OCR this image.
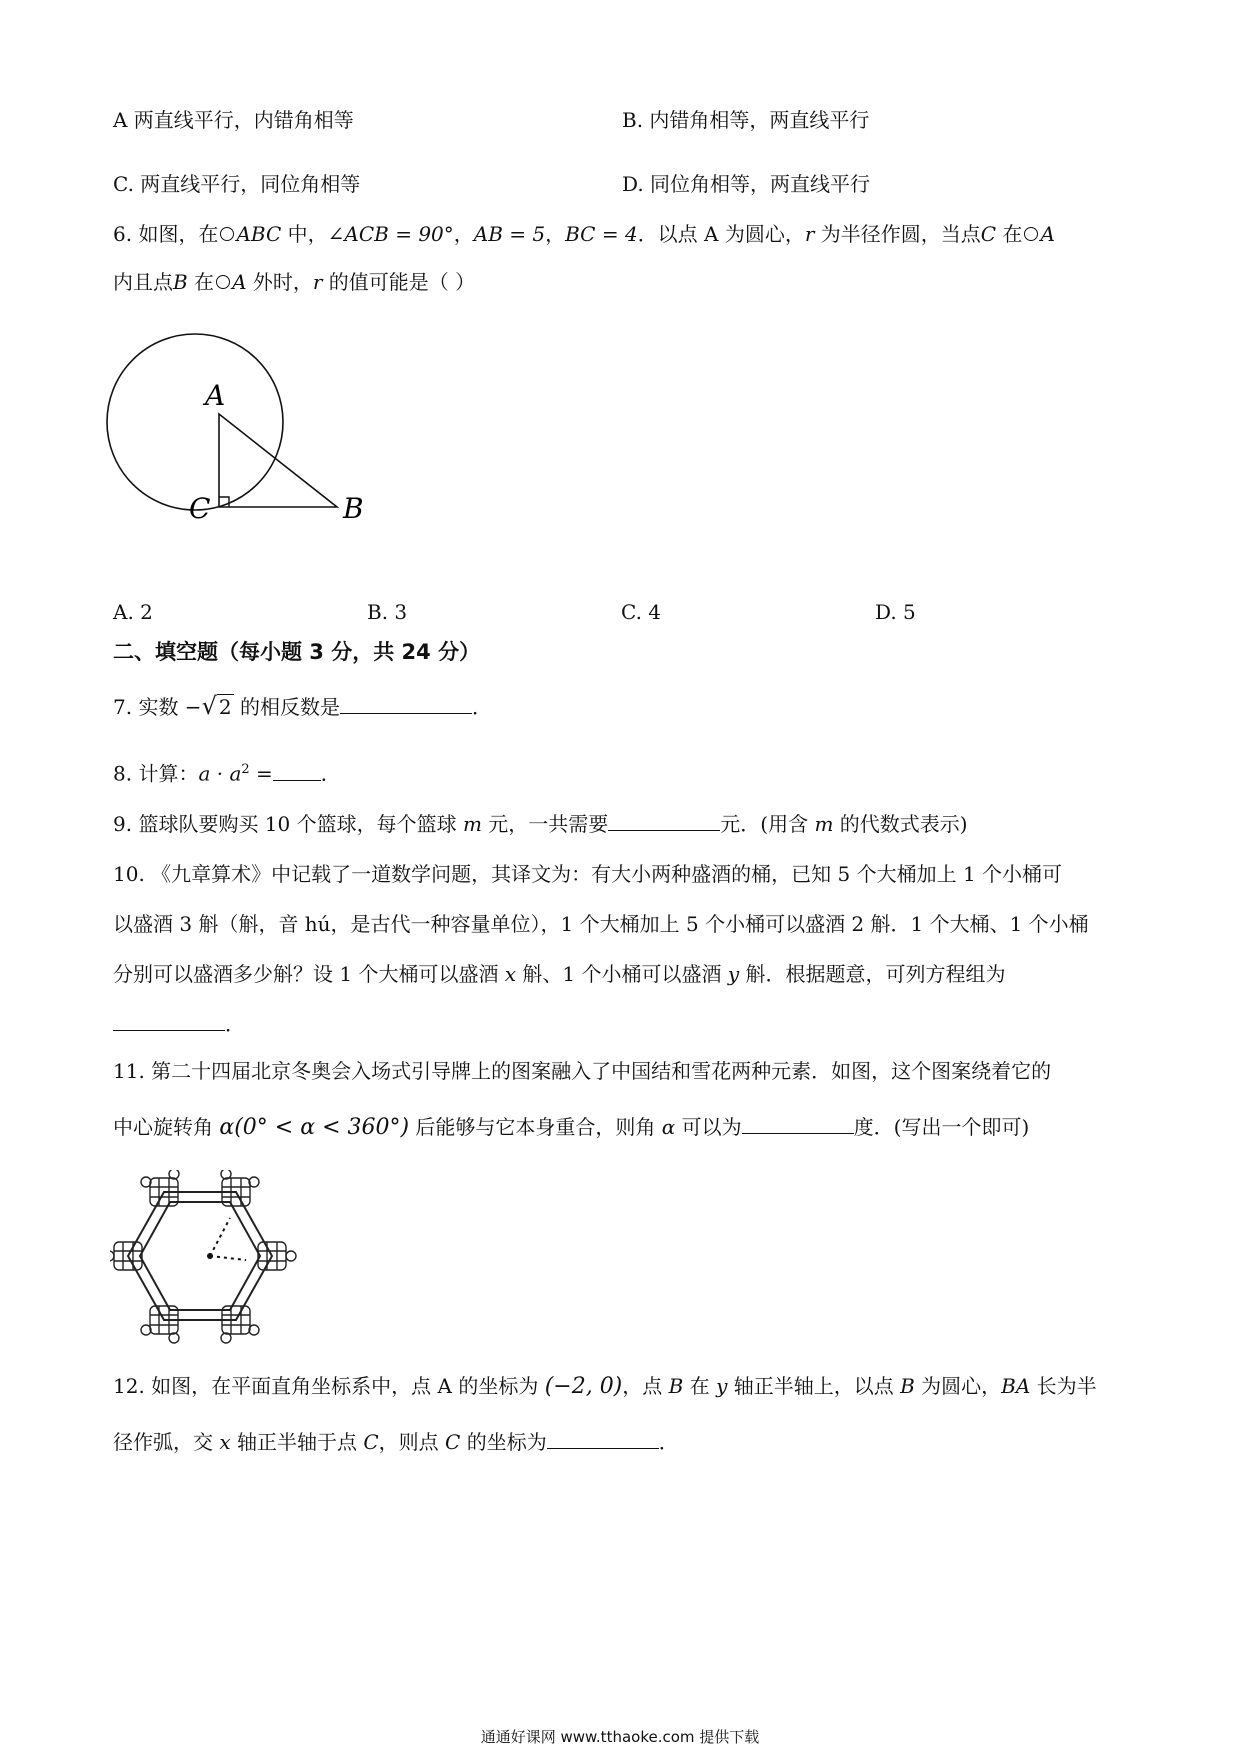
A 两直线平行，内错角相等	B. 内错角相等，两直线平行
C. 两直线平行，同位角相等	D. 同位角相等，两直线平行
6. 如图，在 ABC 中，∠ACB = 90°，AB = 5，BC = 4．以点 A 为圆心，r 为半径作圆，当点C 在 A
内且点B 在 A 外时，r 的值可能是（ ）
A
C	B
A. 2	B. 3	C. 4	D. 5
二、填空题（每小题 3 分，共 24 分）
7. 实数 −√ 2 的相反数是	．
8. 计算：$a \cdot a^2$ = ．
9. 篮球队要购买 10 个篮球，每个篮球 m 元，一共需要	元．(用含 m 的代数式表示)
10. 《九章算术》中记载了一道数学问题，其译文为：有大小两种盛酒的桶，已知 5 个大桶加上 1 个小桶可
以盛酒 3 斛（斛，音 hú，是古代一种容量单位），1 个大桶加上 5 个小桶可以盛酒 2 斛．1 个大桶、1 个小桶
分别可以盛酒多少斛？设 1 个大桶可以盛酒 x 斛、1 个小桶可以盛酒 y 斛．根据题意，可列方程组为
．
11. 第二十四届北京冬奥会入场式引导牌上的图案融入了中国结和雪花两种元素．如图，这个图案绕着它的
中心旋转角 α(0° < α < 360°) 后能够与它本身重合，则角 α 可以为	度．(写出一个即可)
12. 如图，在平面直角坐标系中，点 A 的坐标为 (−2, 0)，点 B 在 y 轴正半轴上，以点 B 为圆心，BA 长为半
径作弧，交 x 轴正半轴于点 C，则点 C 的坐标为	．
通通好课网 www.tthaoke.com 提供下载
